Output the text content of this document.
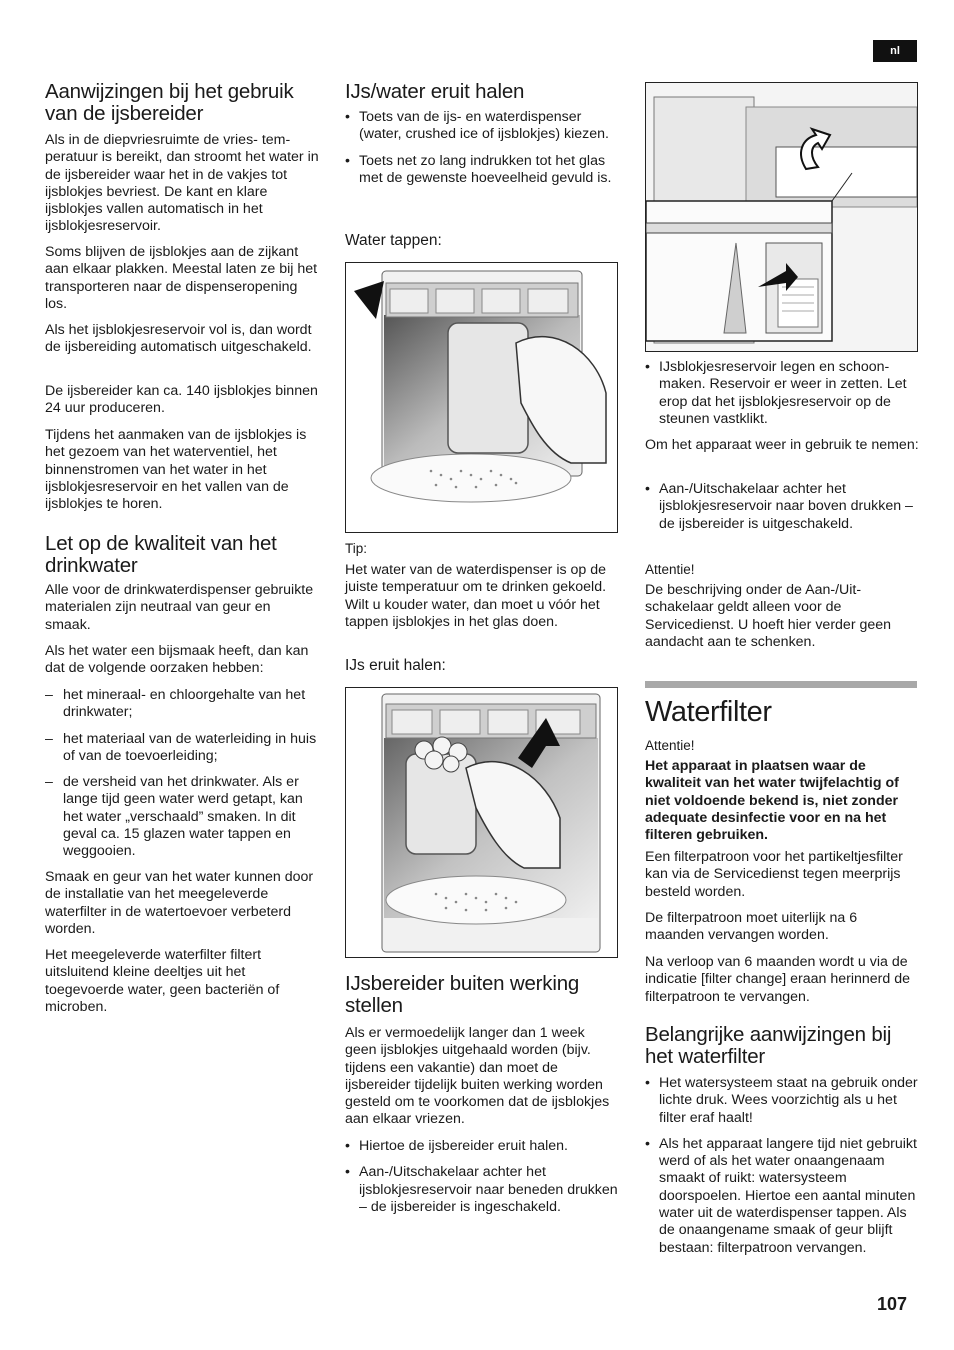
nl
Aanwijzingen bij het gebruik van de ijsbereider

Als in de diepvriesruimte de vries- temperatuur is bereikt, dan stroomt het water in de ijsbereider waar het in de vakjes tot ijsblokjes bevriest. De kant en klare ijsblokjes vallen automatisch in het ijsblokjesreservoir.

Soms blijven de ijsblokjes aan de zijkant aan elkaar plakken. Meestal laten ze bij het transporteren naar de dispenseropening los.

Als het ijsblokjesreservoir vol is, dan wordt de ijsbereiding automatisch uitgeschakeld.

De ijsbereider kan ca. 140 ijsblokjes binnen 24 uur produceren.

Tijdens het aanmaken van de ijsblokjes is het gezoem van het waterventiel, het binnenstromen van het water in het ijsblokjesreservoir en het vallen van de ijsblokjes te horen.

Let op de kwaliteit van het drinkwater

Alle voor de drinkwaterdispenser gebruikte materialen zijn neutraal van geur en smaak.

Als het water een bijsmaak heeft, dan kan dat de volgende oorzaken hebben:

– het mineraal- en chloorgehalte van het drinkwater;
– het materiaal van de waterleiding in huis of van de toevoerleiding;
– de versheid van het drinkwater. Als er lange tijd geen water werd getapt, kan het water „verschaald” smaken. In dit geval ca. 15 glazen water tappen en weggooien.

Smaak en geur van het water kunnen door de installatie van het meegeleverde waterfilter in de watertoevoer verbeterd worden.

Het meegeleverde waterfilter filtert uitsluitend kleine deeltjes uit het toegevoerde water, geen bacteriën of microben.

IJs/water eruit halen
• Toets van de ijs- en waterdispenser (water, crushed ice of ijsblokjes) kiezen.
• Toets net zo lang indrukken tot het glas met de gewenste hoeveelheid gevuld is.
Water tappen:
Tip:

Het water van de waterdispenser is op de juiste temperatuur om te drinken gekoeld. Wilt u kouder water, dan moet u vóór het tappen ijsblokjes in het glas doen.

IJs eruit halen:
IJsbereider buiten werking stellen

Als er vermoedelijk langer dan 1 week geen ijsblokjes uitgehaald worden (bijv. tijdens een vakantie) dan moet de ijsbereider tijdelijk buiten werking worden gesteld om te voorkomen dat de ijsblokjes aan elkaar vriezen.

• Hiertoe de ijsbereider eruit halen.
• Aan-/Uitschakelaar achter het ijsblokjesreservoir naar beneden drukken – de ijsbereider is ingeschakeld.
• IJsblokjesreservoir legen en schoonmaken. Reservoir er weer in zetten. Let erop dat het ijsblokjesreservoir op de steunen vastklikt.

Om het apparaat weer in gebruik te nemen:

• Aan-/Uitschakelaar achter het ijsblokjesreservoir naar boven drukken – de ijsbereider is uitgeschakeld.
Attentie!

De beschrijving onder de Aan-/Uitschakelaar geldt alleen voor de Servicedienst. U hoeft hier verder geen aandacht aan te schenken.

Waterfilter
Attentie!

Het apparaat in plaatsen waar de kwaliteit van het water twijfelachtig of niet voldoende bekend is, niet zonder adequate desinfectie voor en na het filteren gebruiken.

Een filterpatroon voor het partikeltjesfilter kan via de Servicedienst tegen meerprijs besteld worden.

De filterpatroon moet uiterlijk na 6 maanden vervangen worden.

Na verloop van 6 maanden wordt u via de indicatie [filter change] eraan herinnerd de filterpatroon te vervangen.

Belangrijke aanwijzingen bij het waterfilter
• Het watersysteem staat na gebruik onder lichte druk. Wees voorzichtig als u het filter eraf haalt!
• Als het apparaat langere tijd niet gebruikt werd of als het water onaangenaam smaakt of ruikt: watersysteem doorspoelen. Hiertoe een aantal minuten water uit de waterdispenser tappen. Als de onaangename smaak of geur blijft bestaan: filterpatroon vervangen.
107
